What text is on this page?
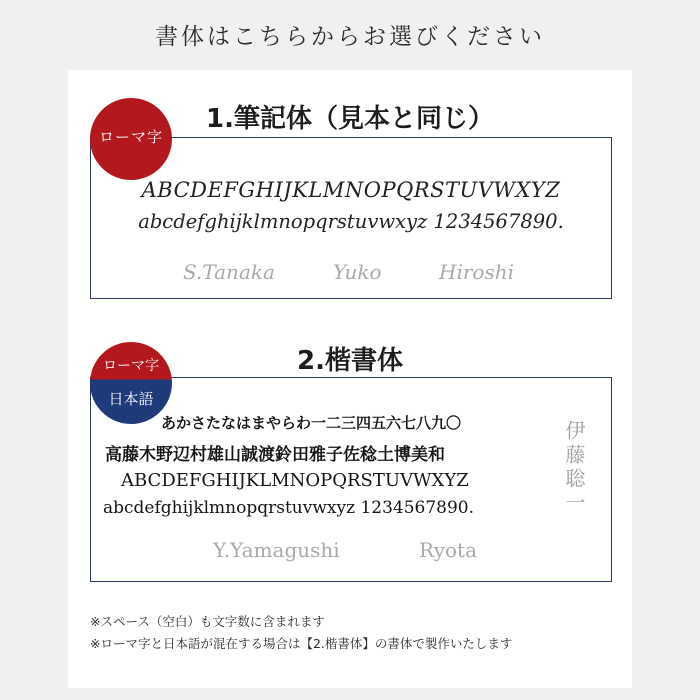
書体はこちらからお選びください
1.筆記体（見本と同じ）
ABCDEFGHIJKLMNOPQRSTUVWXYZ
abcdefghijklmnopqrstuvwxyz 1234567890.
S.Tanaka	Yuko	Hiroshi
ローマ字
2.楷書体
あかさたなはまやらわ一二三四五六七八九〇
高藤木野辺村雄山誠渡鈴田雅子佐稔土博美和
ABCDEFGHIJKLMNOPQRSTUVWXYZ
abcdefghijklmnopqrstuvwxyz 1234567890.	伊藤聡一
Y.Yamagushi	Ryota
ローマ字
日本語
※スペース（空白）も文字数に含まれます
※ローマ字と日本語が混在する場合は【2.楷書体】の書体で製作いたします
